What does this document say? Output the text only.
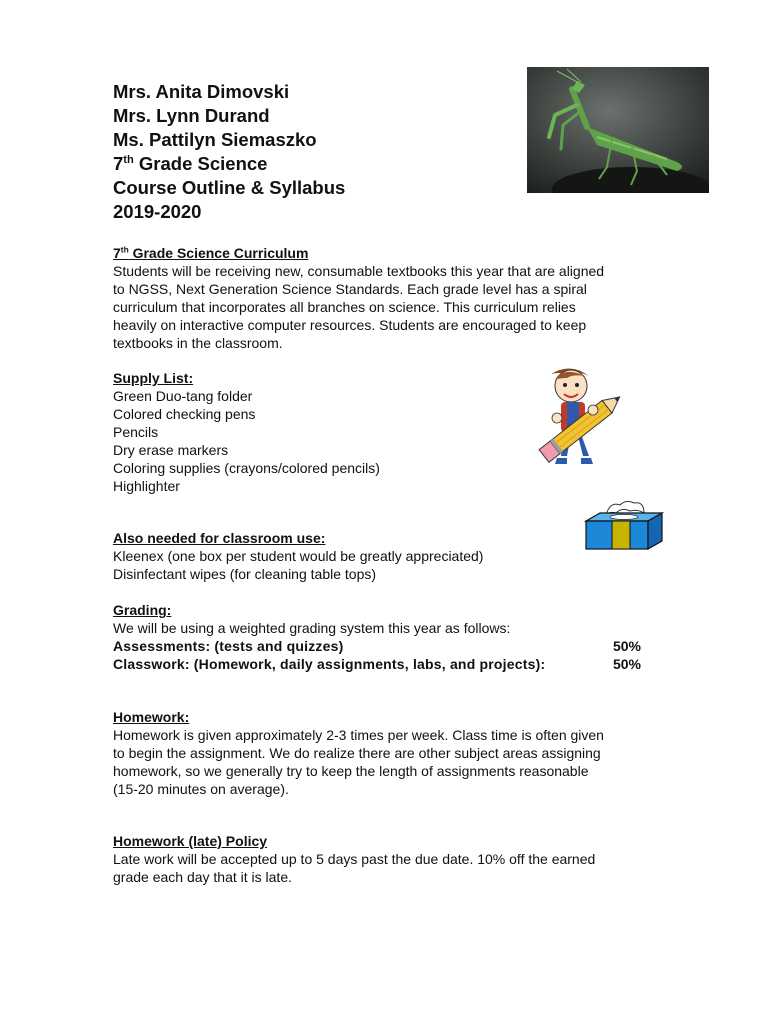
Mrs. Anita Dimovski
Mrs. Lynn Durand
Ms. Pattilyn Siemaszko
7th Grade Science
Course Outline & Syllabus
2019-2020
7th Grade Science Curriculum
Students will be receiving new, consumable textbooks this year that are aligned
to NGSS, Next Generation Science Standards. Each grade level has a spiral
curriculum that incorporates all branches on science. This curriculum relies
heavily on interactive computer resources. Students are encouraged to keep
textbooks in the classroom.
Supply List:
Green Duo-tang folder
Colored checking pens
Pencils
Dry erase markers
Coloring supplies (crayons/colored pencils)
Highlighter
Also needed for classroom use:
Kleenex (one box per student would be greatly appreciated)
Disinfectant wipes (for cleaning table tops)
Grading:
We will be using a weighted grading system this year as follows:
Assessments: (tests and quizzes)	50%
Classwork: (Homework, daily assignments, labs, and projects):	50%
Homework:
Homework is given approximately 2-3 times per week. Class time is often given
to begin the assignment. We do realize there are other subject areas assigning
homework, so we generally try to keep the length of assignments reasonable
(15-20 minutes on average).
Homework (late) Policy
Late work will be accepted up to 5 days past the due date. 10% off the earned
grade each day that it is late.
